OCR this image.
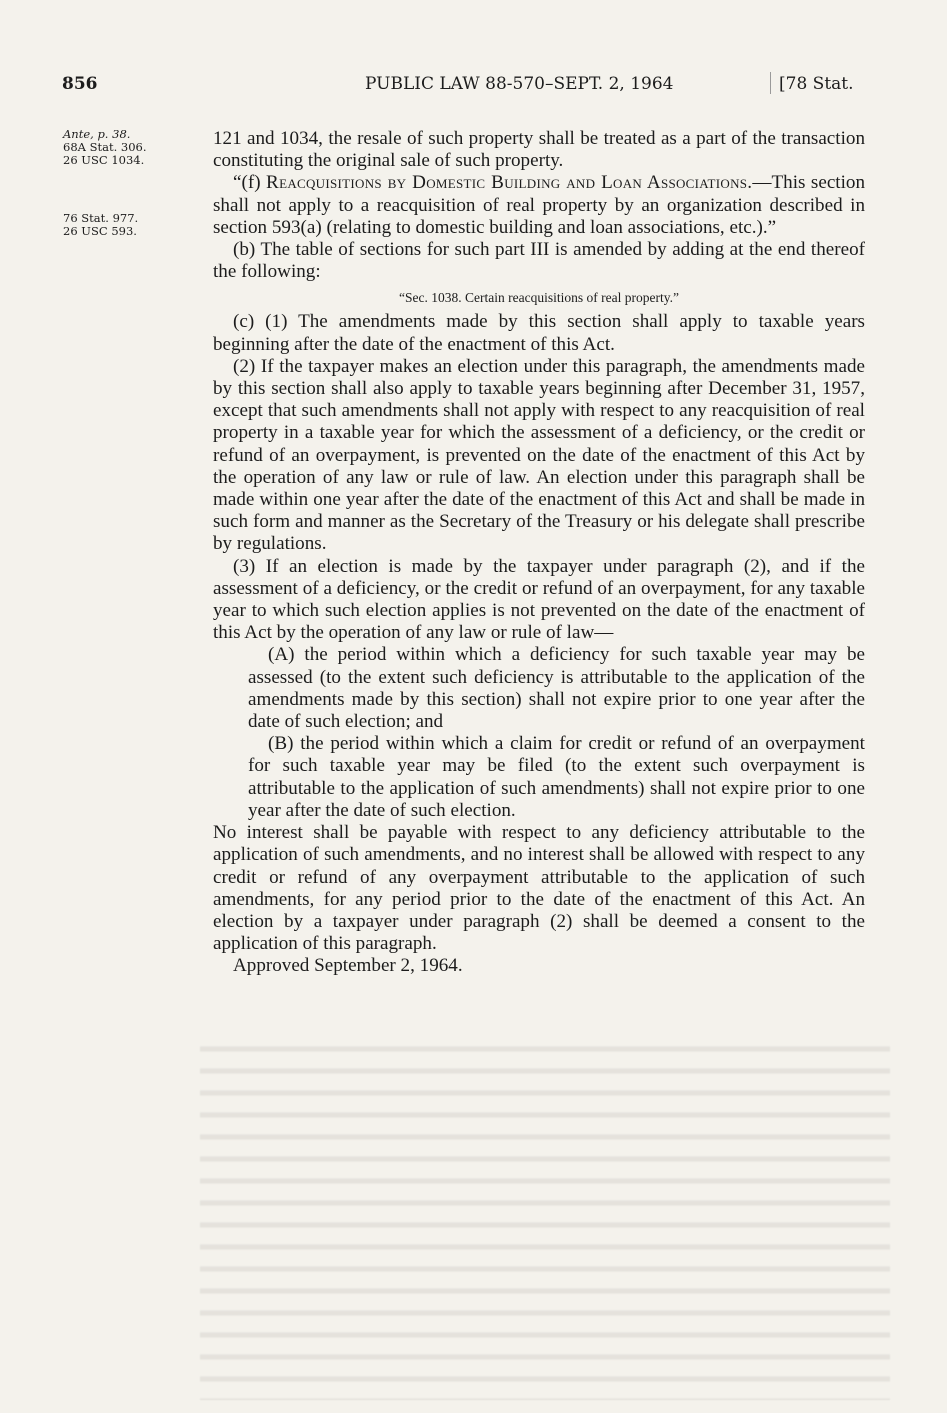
856	PUBLIC LAW 88-570–SEPT. 2, 1964	[78 Stat.
Ante, p. 38.
68A Stat. 306.
26 USC 1034.
76 Stat. 977.
26 USC 593.

121 and 1034, the resale of such property shall be treated as a part of the transaction constituting the original sale of such property.

“(f) Reacquisitions by Domestic Building and Loan Associations.—This section shall not apply to a reacquisition of real property by an organization described in section 593(a) (relating to domestic building and loan associations, etc.).”

(b) The table of sections for such part III is amended by adding at the end thereof the following:

“Sec. 1038. Certain reacquisitions of real property.”

(c) (1) The amendments made by this section shall apply to taxable years beginning after the date of the enactment of this Act.

(2) If the taxpayer makes an election under this paragraph, the amendments made by this section shall also apply to taxable years beginning after December 31, 1957, except that such amendments shall not apply with respect to any reacquisition of real property in a taxable year for which the assessment of a deficiency, or the credit or refund of an overpayment, is prevented on the date of the enactment of this Act by the operation of any law or rule of law. An election under this paragraph shall be made within one year after the date of the enactment of this Act and shall be made in such form and manner as the Secretary of the Treasury or his delegate shall prescribe by regulations.

(3) If an election is made by the taxpayer under paragraph (2), and if the assessment of a deficiency, or the credit or refund of an overpayment, for any taxable year to which such election applies is not prevented on the date of the enactment of this Act by the operation of any law or rule of law—

(A) the period within which a deficiency for such taxable year may be assessed (to the extent such deficiency is attributable to the application of the amendments made by this section) shall not expire prior to one year after the date of such election; and

(B) the period within which a claim for credit or refund of an overpayment for such taxable year may be filed (to the extent such overpayment is attributable to the application of such amendments) shall not expire prior to one year after the date of such election.

No interest shall be payable with respect to any deficiency attributable to the application of such amendments, and no interest shall be allowed with respect to any credit or refund of any overpayment attributable to the application of such amendments, for any period prior to the date of the enactment of this Act. An election by a taxpayer under paragraph (2) shall be deemed a consent to the application of this paragraph.

Approved September 2, 1964.
